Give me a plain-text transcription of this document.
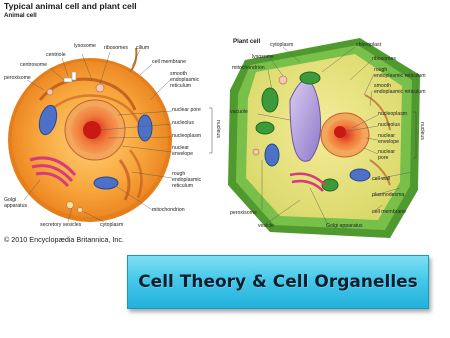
Typical animal cell and plant cell
Animal cell
Plant cell
lysosome ribosomes cilium
centriole
centrosome	cell membrane
peroxisome
smooth
endoplasmic
reticulum
nuclear pore
nucleolus
nucleoplasm
nuclear
envelope
nucleus
Golgi
apparatus
rough
endoplasmic
reticulum
mitochondrion
secretory vesicles	cytoplasm
cytoplasm	chloroplast
lysosome
mitochondrion
ribosomes
rough
endoplasmic reticulum
smooth
endoplasmic reticulum
vacuole	nucleoplasm
nucleolus
nuclear
envelope
nuclear
pore
nucleus
cell wall
plasmodesma
cell membrane
peroxisome
vesicle	Golgi apparatus
© 2010 Encyclopædia Britannica, Inc.
Cell Theory & Cell Organelles
